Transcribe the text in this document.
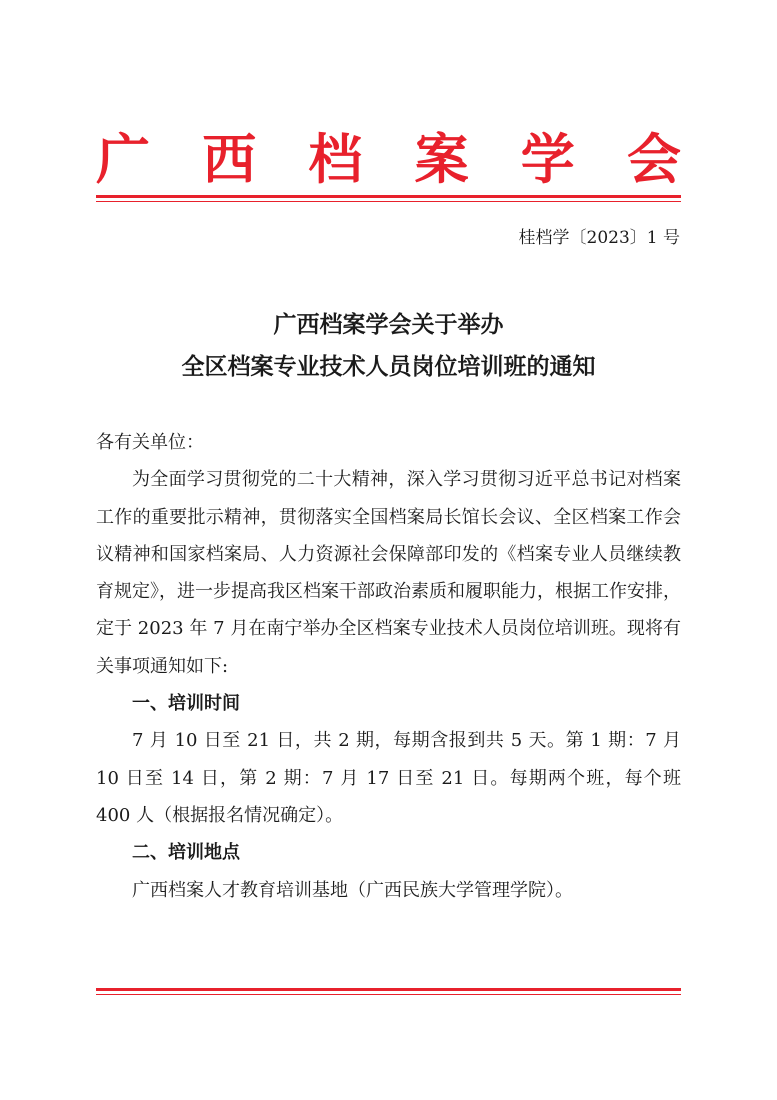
广 西 档 案 学 会
桂档学〔2023〕1 号
广西档案学会关于举办
全区档案专业技术人员岗位培训班的通知

各有关单位：

为全面学习贯彻党的二十大精神，深入学习贯彻习近平总书记对档案工作的重要批示精神，贯彻落实全国档案局长馆长会议、全区档案工作会议精神和国家档案局、人力资源社会保障部印发的《档案专业人员继续教育规定》，进一步提高我区档案干部政治素质和履职能力，根据工作安排，定于 2023 年 7 月在南宁举办全区档案专业技术人员岗位培训班。现将有关事项通知如下:

一、培训时间

7 月 10 日至 21 日，共 2 期，每期含报到共 5 天。第 1 期：7 月 10 日至 14 日，第 2 期：7 月 17 日至 21 日。每期两个班，每个班 400 人（根据报名情况确定）。

二、培训地点

广西档案人才教育培训基地（广西民族大学管理学院）。
